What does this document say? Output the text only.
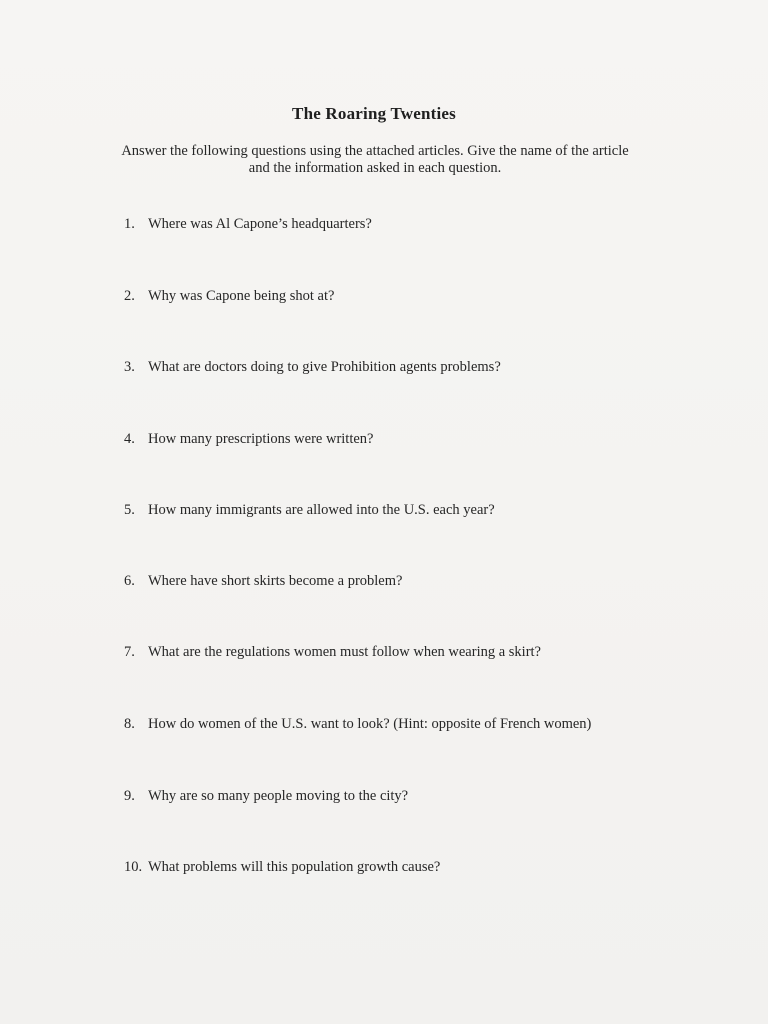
The Roaring Twenties
Answer the following questions using the attached articles. Give the name of the article
and the information asked in each question.
1. Where was Al Capone’s headquarters?
2. Why was Capone being shot at?
3. What are doctors doing to give Prohibition agents problems?
4. How many prescriptions were written?
5. How many immigrants are allowed into the U.S. each year?
6. Where have short skirts become a problem?
7. What are the regulations women must follow when wearing a skirt?
8. How do women of the U.S. want to look? (Hint: opposite of French women)
9. Why are so many people moving to the city?
10. What problems will this population growth cause?
